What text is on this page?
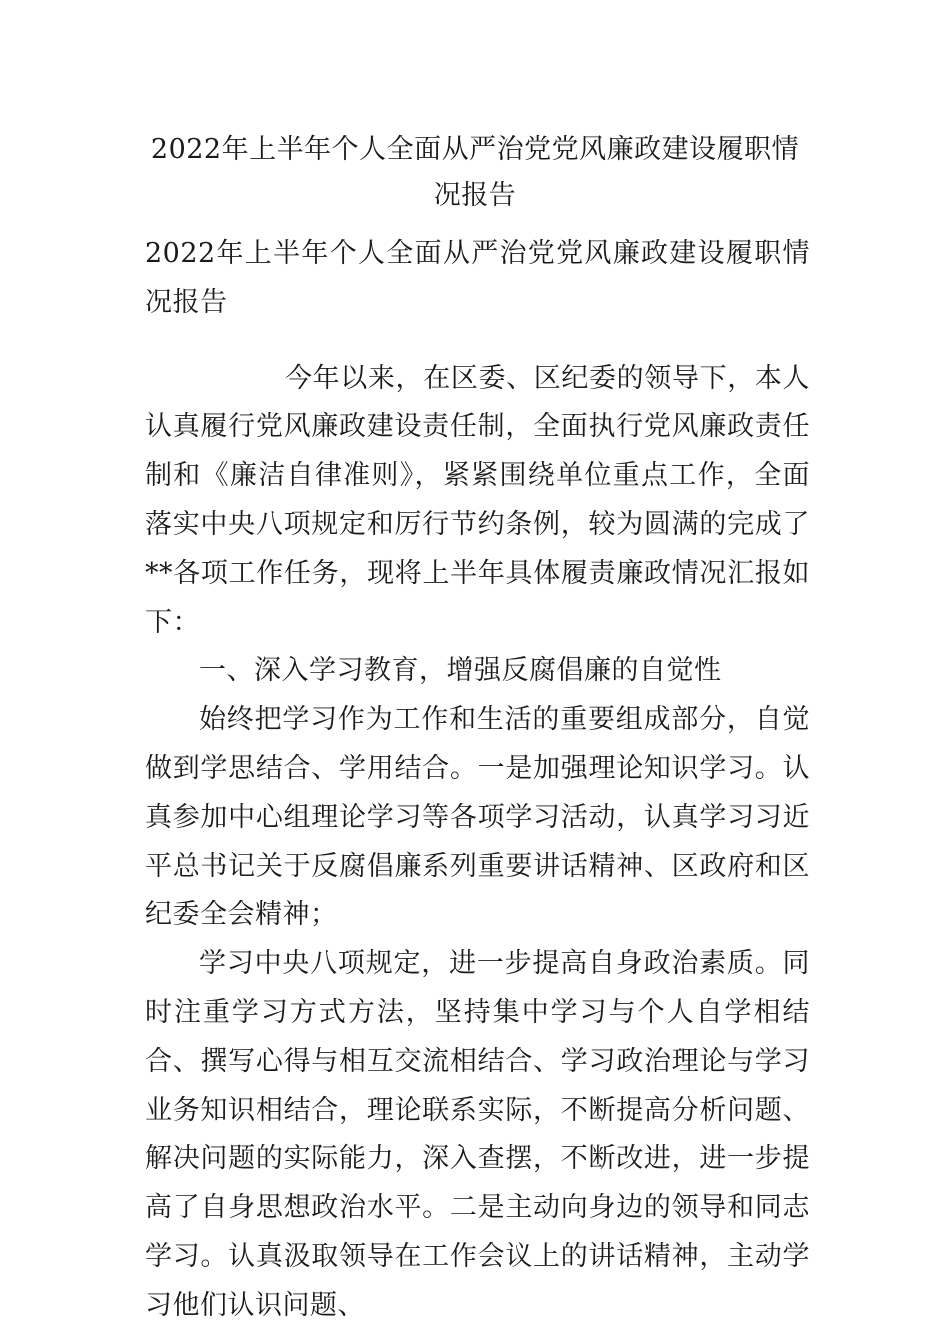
2022年上半年个人全面从严治党党风廉政建设履职情况报告

2022年上半年个人全面从严治党党风廉政建设履职情况报告

今年以来，在区委、区纪委的领导下，本人认真履行党风廉政建设责任制，全面执行党风廉政责任制和《廉洁自律准则》，紧紧围绕单位重点工作，全面落实中央八项规定和厉行节约条例，较为圆满的完成了**各项工作任务，现将上半年具体履责廉政情况汇报如下：

一、深入学习教育，增强反腐倡廉的自觉性

始终把学习作为工作和生活的重要组成部分，自觉做到学思结合、学用结合。一是加强理论知识学习。认真参加中心组理论学习等各项学习活动，认真学习习近平总书记关于反腐倡廉系列重要讲话精神、区政府和区纪委全会精神；

学习中央八项规定，进一步提高自身政治素质。同时注重学习方式方法，坚持集中学习与个人自学相结合、撰写心得与相互交流相结合、学习政治理论与学习业务知识相结合，理论联系实际，不断提高分析问题、解决问题的实际能力，深入查摆，不断改进，进一步提高了自身思想政治水平。二是主动向身边的领导和同志学习。认真汲取领导在工作会议上的讲话精神，主动学习他们认识问题、
